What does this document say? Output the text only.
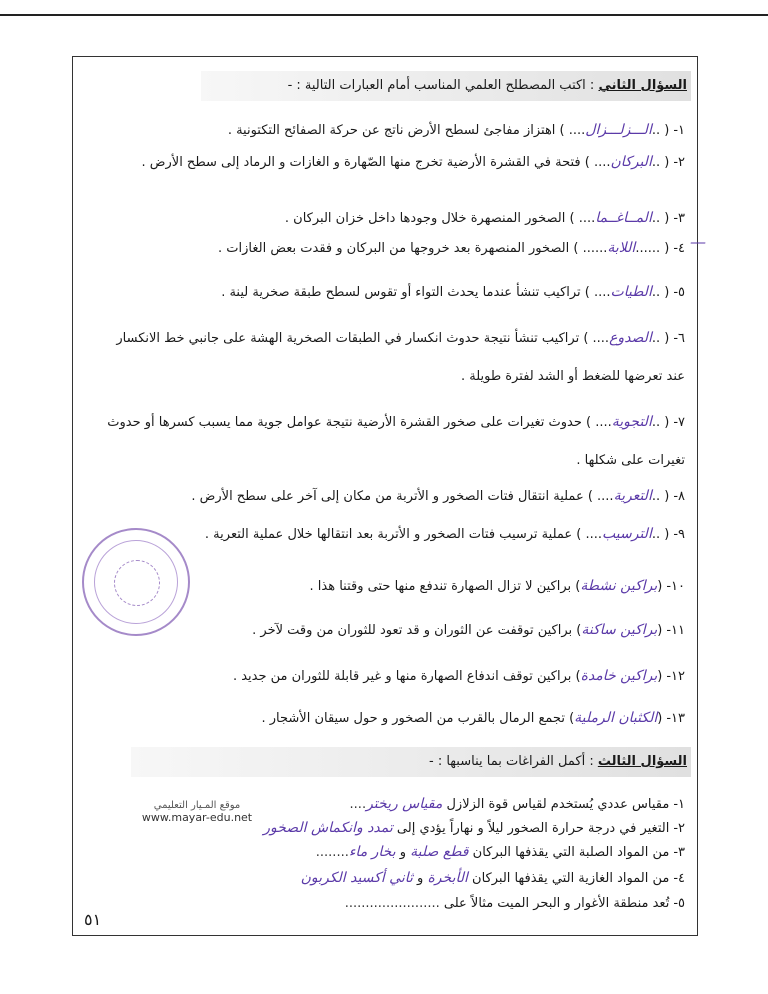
السؤال الثاني : اكتب المصطلح العلمي المناسب أمام العبارات التالية : -
١-( ..الـــزلـــزال.... ) اهتزاز مفاجئ لسطح الأرض ناتج عن حركة الصفائح التكتونية .
٢-( ..البركان.... ) فتحة في القشرة الأرضية تخرج منها الصّهارة و الغازات و الرماد إلى سطح الأرض .
٣-( ..المــاغــما.... ) الصخور المنصهرة خلال وجودها داخل خزان البركان .
٤-( ......اللابة...... ) الصخور المنصهرة بعد خروجها من البركان و فقدت بعض الغازات .
٥-( ..الطيات.... ) تراكيب تنشأ عندما يحدث التواء أو تقوس لسطح طبقة صخرية لينة .
٦-( ..الصدوع.... ) تراكيب تنشأ نتيجة حدوث انكسار في الطبقات الصخرية الهشة على جانبي خط الانكسار عند تعرضها للضغط أو الشد لفترة طويلة .
٧-( ..التجوية.... ) حدوث تغيرات على صخور القشرة الأرضية نتيجة عوامل جوية مما يسبب كسرها أو حدوث تغيرات على شكلها .
٨-( ..التعرية.... ) عملية انتقال فتات الصخور و الأتربة من مكان إلى آخر على سطح الأرض .
٩-( ..الترسيب.... ) عملية ترسيب فتات الصخور و الأتربة بعد انتقالها خلال عملية التعرية .
١٠-(براكين نشطة) براكين لا تزال الصهارة تندفع منها حتى وقتنا هذا .
١١-(براكين ساكنة) براكين توقفت عن الثوران و قد تعود للثوران من وقت لآخر .
١٢-(براكين خامدة) براكين توقف اندفاع الصهارة منها و غير قابلة للثوران من جديد .
١٣-(الكثبان الرملية) تجمع الرمال بالقرب من الصخور و حول سيقان الأشجار .
السؤال الثالث : أكمل الفراغات بما يناسبها : -
١-مقياس عددي يُستخدم لقياس قوة الزلازل مقياس ريختر....
٢-التغير في درجة حرارة الصخور ليلاً و نهاراً يؤدي إلى تمدد وانكماش الصخور
٣-من المواد الصلبة التي يقذفها البركان قطع صلبة و بخار ماء........
٤-من المواد الغازية التي يقذفها البركان الأبخرة و ثاني أكسيد الكربون
٥-تُعد منطقة الأغوار و البحر الميت مثالاً على .......................
موقع المـيار التعليمي
www.mayar-edu.net
—
٥١
